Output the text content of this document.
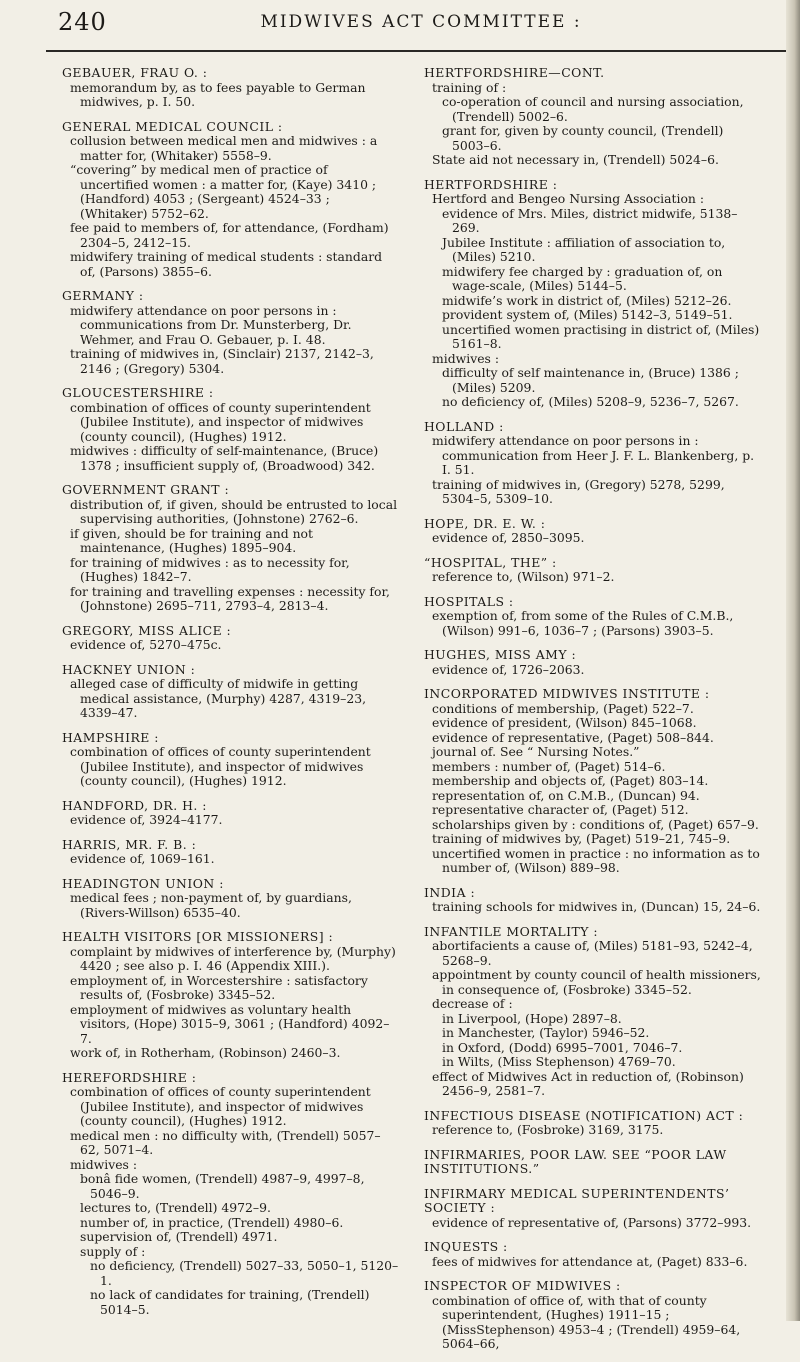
240	MIDWIVES ACT COMMITTEE :
GEBAUER, FRAU O. :
memorandum by, as to fees payable to German midwives, p. I. 50.
GENERAL MEDICAL COUNCIL :
collusion between medical men and midwives : a matter for, (Whitaker) 5558–9.
“covering” by medical men of practice of uncertified women : a matter for, (Kaye) 3410 ; (Handford) 4053 ; (Sergeant) 4524–33 ; (Whitaker) 5752–62.
fee paid to members of, for attendance, (Fordham) 2304–5, 2412–15.
midwifery training of medical students : standard of, (Parsons) 3855–6.
GERMANY :
midwifery attendance on poor persons in : communications from Dr. Munsterberg, Dr. Wehmer, and Frau O. Gebauer, p. I. 48.
training of midwives in, (Sinclair) 2137, 2142–3, 2146 ; (Gregory) 5304.
GLOUCESTERSHIRE :
combination of offices of county superintendent (Jubilee Institute), and inspector of midwives (county council), (Hughes) 1912.
midwives : difficulty of self-maintenance, (Bruce) 1378 ; insufficient supply of, (Broadwood) 342.
GOVERNMENT GRANT :
distribution of, if given, should be entrusted to local supervising authorities, (Johnstone) 2762–6.
if given, should be for training and not maintenance, (Hughes) 1895–904.
for training of midwives : as to necessity for, (Hughes) 1842–7.
for training and travelling expenses : necessity for, (Johnstone) 2695–711, 2793–4, 2813–4.
GREGORY, MISS ALICE :
evidence of, 5270–475c.
HACKNEY UNION :
alleged case of difficulty of midwife in getting medical assistance, (Murphy) 4287, 4319–23, 4339–47.
HAMPSHIRE :
combination of offices of county superintendent (Jubilee Institute), and inspector of midwives (county council), (Hughes) 1912.
HANDFORD, DR. H. :
evidence of, 3924–4177.
HARRIS, MR. F. B. :
evidence of, 1069–161.
HEADINGTON UNION :
medical fees ; non-payment of, by guardians, (Rivers-Willson) 6535–40.
HEALTH VISITORS [OR MISSIONERS] :
complaint by midwives of interference by, (Murphy) 4420 ; see also p. I. 46 (Appendix XIII.).
employment of, in Worcestershire : satisfactory results of, (Fosbroke) 3345–52.
employment of midwives as voluntary health visitors, (Hope) 3015–9, 3061 ; (Handford) 4092–7.
work of, in Rotherham, (Robinson) 2460–3.
HEREFORDSHIRE :
combination of offices of county superintendent (Jubilee Institute), and inspector of midwives (county council), (Hughes) 1912.
medical men : no difficulty with, (Trendell) 5057–62, 5071–4.
midwives :
bonâ fide women, (Trendell) 4987–9, 4997–8, 5046–9.
lectures to, (Trendell) 4972–9.
number of, in practice, (Trendell) 4980–6.
supervision of, (Trendell) 4971.
supply of :
no deficiency, (Trendell) 5027–33, 5050–1, 5120–1.
no lack of candidates for training, (Trendell) 5014–5.
HERTFORDSHIRE—CONT.
training of :
co-operation of council and nursing association, (Trendell) 5002–6.
grant for, given by county council, (Trendell) 5003–6.
State aid not necessary in, (Trendell) 5024–6.
HERTFORDSHIRE :
Hertford and Bengeo Nursing Association :
evidence of Mrs. Miles, district midwife, 5138–269.
Jubilee Institute : affiliation of association to, (Miles) 5210.
midwifery fee charged by : graduation of, on wage-scale, (Miles) 5144–5.
midwife’s work in district of, (Miles) 5212–26.
provident system of, (Miles) 5142–3, 5149–51.
uncertified women practising in district of, (Miles) 5161–8.
midwives :
difficulty of self maintenance in, (Bruce) 1386 ; (Miles) 5209.
no deficiency of, (Miles) 5208–9, 5236–7, 5267.
HOLLAND :
midwifery attendance on poor persons in : communication from Heer J. F. L. Blankenberg, p. I. 51.
training of midwives in, (Gregory) 5278, 5299, 5304–5, 5309–10.
HOPE, DR. E. W. :
evidence of, 2850–3095.
“HOSPITAL, THE” :
reference to, (Wilson) 971–2.
HOSPITALS :
exemption of, from some of the Rules of C.M.B., (Wilson) 991–6, 1036–7 ; (Parsons) 3903–5.
HUGHES, MISS AMY :
evidence of, 1726–2063.
INCORPORATED MIDWIVES INSTITUTE :
conditions of membership, (Paget) 522–7.
evidence of president, (Wilson) 845–1068.
evidence of representative, (Paget) 508–844.
journal of. See “ Nursing Notes.”
members : number of, (Paget) 514–6.
membership and objects of, (Paget) 803–14.
representation of, on C.M.B., (Duncan) 94.
representative character of, (Paget) 512.
scholarships given by : conditions of, (Paget) 657–9.
training of midwives by, (Paget) 519–21, 745–9.
uncertified women in practice : no information as to number of, (Wilson) 889–98.
INDIA :
training schools for midwives in, (Duncan) 15, 24–6.
INFANTILE MORTALITY :
abortifacients a cause of, (Miles) 5181–93, 5242–4, 5268–9.
appointment by county council of health missioners, in consequence of, (Fosbroke) 3345–52.
decrease of :
in Liverpool, (Hope) 2897–8.
in Manchester, (Taylor) 5946–52.
in Oxford, (Dodd) 6995–7001, 7046–7.
in Wilts, (Miss Stephenson) 4769–70.
effect of Midwives Act in reduction of, (Robinson) 2456–9, 2581–7.
INFECTIOUS DISEASE (NOTIFICATION) ACT :
reference to, (Fosbroke) 3169, 3175.
INFIRMARIES, POOR LAW. SEE “POOR LAW INSTITUTIONS.”
INFIRMARY MEDICAL SUPERINTENDENTS’ SOCIETY :
evidence of representative of, (Parsons) 3772–993.
INQUESTS :
fees of midwives for attendance at, (Paget) 833–6.
INSPECTOR OF MIDWIVES :
combination of office of, with that of county superintendent, (Hughes) 1911–15 ; (MissStephenson) 4953–4 ; (Trendell) 4959–64, 5064–66,
